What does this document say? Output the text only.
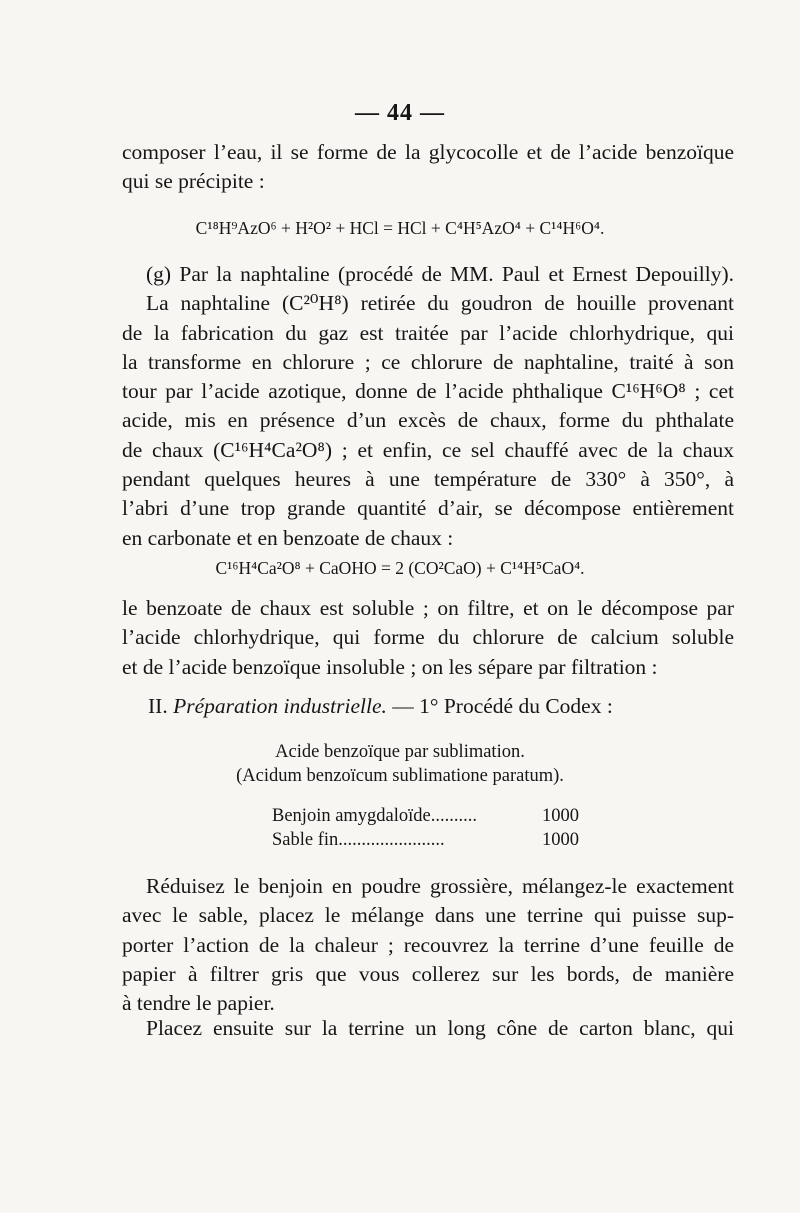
— 44 —
composer l’eau, il se forme de la glycocolle et de l’acide benzoïque
qui se précipite :
C¹⁸H⁹AzO⁶ + H²O² + HCl = HCl + C⁴H⁵AzO⁴ + C¹⁴H⁶O⁴.
(g) Par la naphtaline (procédé de MM. Paul et Ernest Depouilly).
La naphtaline (C²⁰H⁸) retirée du goudron de houille provenant
de la fabrication du gaz est traitée par l’acide chlorhydrique, qui
la transforme en chlorure ; ce chlorure de naphtaline, traité à son
tour par l’acide azotique, donne de l’acide phthalique C¹⁶H⁶O⁸ ; cet
acide, mis en présence d’un excès de chaux, forme du phthalate
de chaux (C¹⁶H⁴Ca²O⁸) ; et enfin, ce sel chauffé avec de la chaux
pendant quelques heures à une température de 330° à 350°, à
l’abri d’une trop grande quantité d’air, se décompose entièrement
en carbonate et en benzoate de chaux :
C¹⁶H⁴Ca²O⁸ + CaOHO = 2 (CO²CaO) + C¹⁴H⁵CaO⁴.
le benzoate de chaux est soluble ; on filtre, et on le décompose par
l’acide chlorhydrique, qui forme du chlorure de calcium soluble
et de l’acide benzoïque insoluble ; on les sépare par filtration :
II. Préparation industrielle. — 1° Procédé du Codex :
Acide benzoïque par sublimation.
(Acidum benzoïcum sublimatione paratum).
Benjoin amygdaloïde..........	1000
Sable fin.......................	1000
Réduisez le benjoin en poudre grossière, mélangez-le exactement
avec le sable, placez le mélange dans une terrine qui puisse sup-
porter l’action de la chaleur ; recouvrez la terrine d’une feuille de
papier à filtrer gris que vous collerez sur les bords, de manière
à tendre le papier.
Placez ensuite sur la terrine un long cône de carton blanc, qui
